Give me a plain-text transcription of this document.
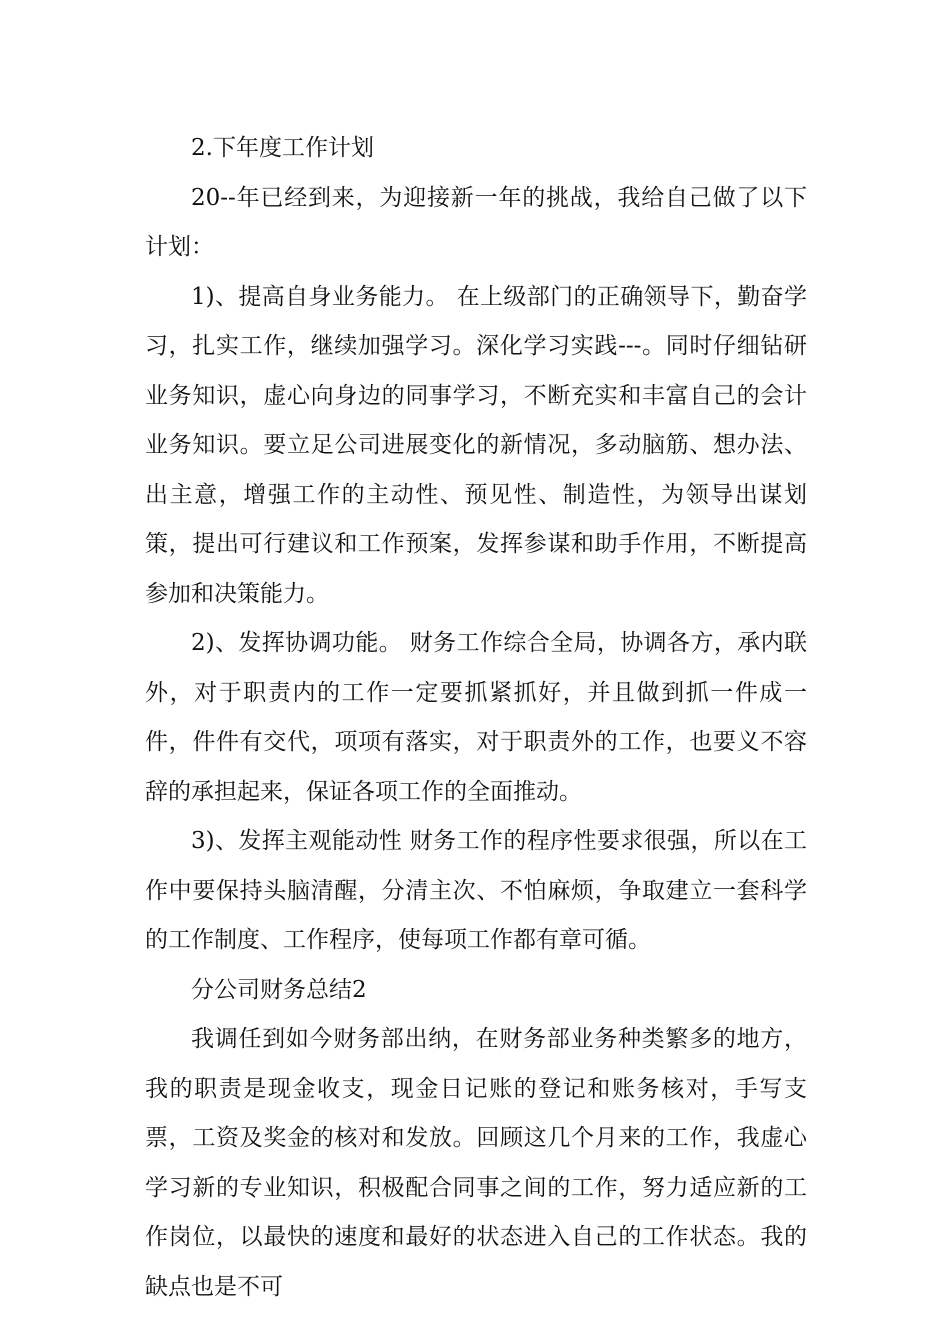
2.下年度工作计划

20--年已经到来，为迎接新一年的挑战，我给自己做了以下计划：

1)、提高自身业务能力。 在上级部门的正确领导下，勤奋学习，扎实工作，继续加强学习。深化学习实践---。同时仔细钻研业务知识，虚心向身边的同事学习，不断充实和丰富自己的会计业务知识。要立足公司进展变化的新情况，多动脑筋、想办法、出主意，增强工作的主动性、预见性、制造性，为领导出谋划策，提出可行建议和工作预案，发挥参谋和助手作用，不断提高参加和决策能力。

2)、发挥协调功能。 财务工作综合全局，协调各方，承内联外，对于职责内的工作一定要抓紧抓好，并且做到抓一件成一件，件件有交代，项项有落实，对于职责外的工作，也要义不容辞的承担起来，保证各项工作的全面推动。

3)、发挥主观能动性 财务工作的程序性要求很强，所以在工作中要保持头脑清醒，分清主次、不怕麻烦，争取建立一套科学的工作制度、工作程序，使每项工作都有章可循。

分公司财务总结2

我调任到如今财务部出纳，在财务部业务种类繁多的地方，我的职责是现金收支，现金日记账的登记和账务核对，手写支票，工资及奖金的核对和发放。回顾这几个月来的工作，我虚心学习新的专业知识，积极配合同事之间的工作，努力适应新的工作岗位，以最快的速度和最好的状态进入自己的工作状态。我的缺点也是不可
